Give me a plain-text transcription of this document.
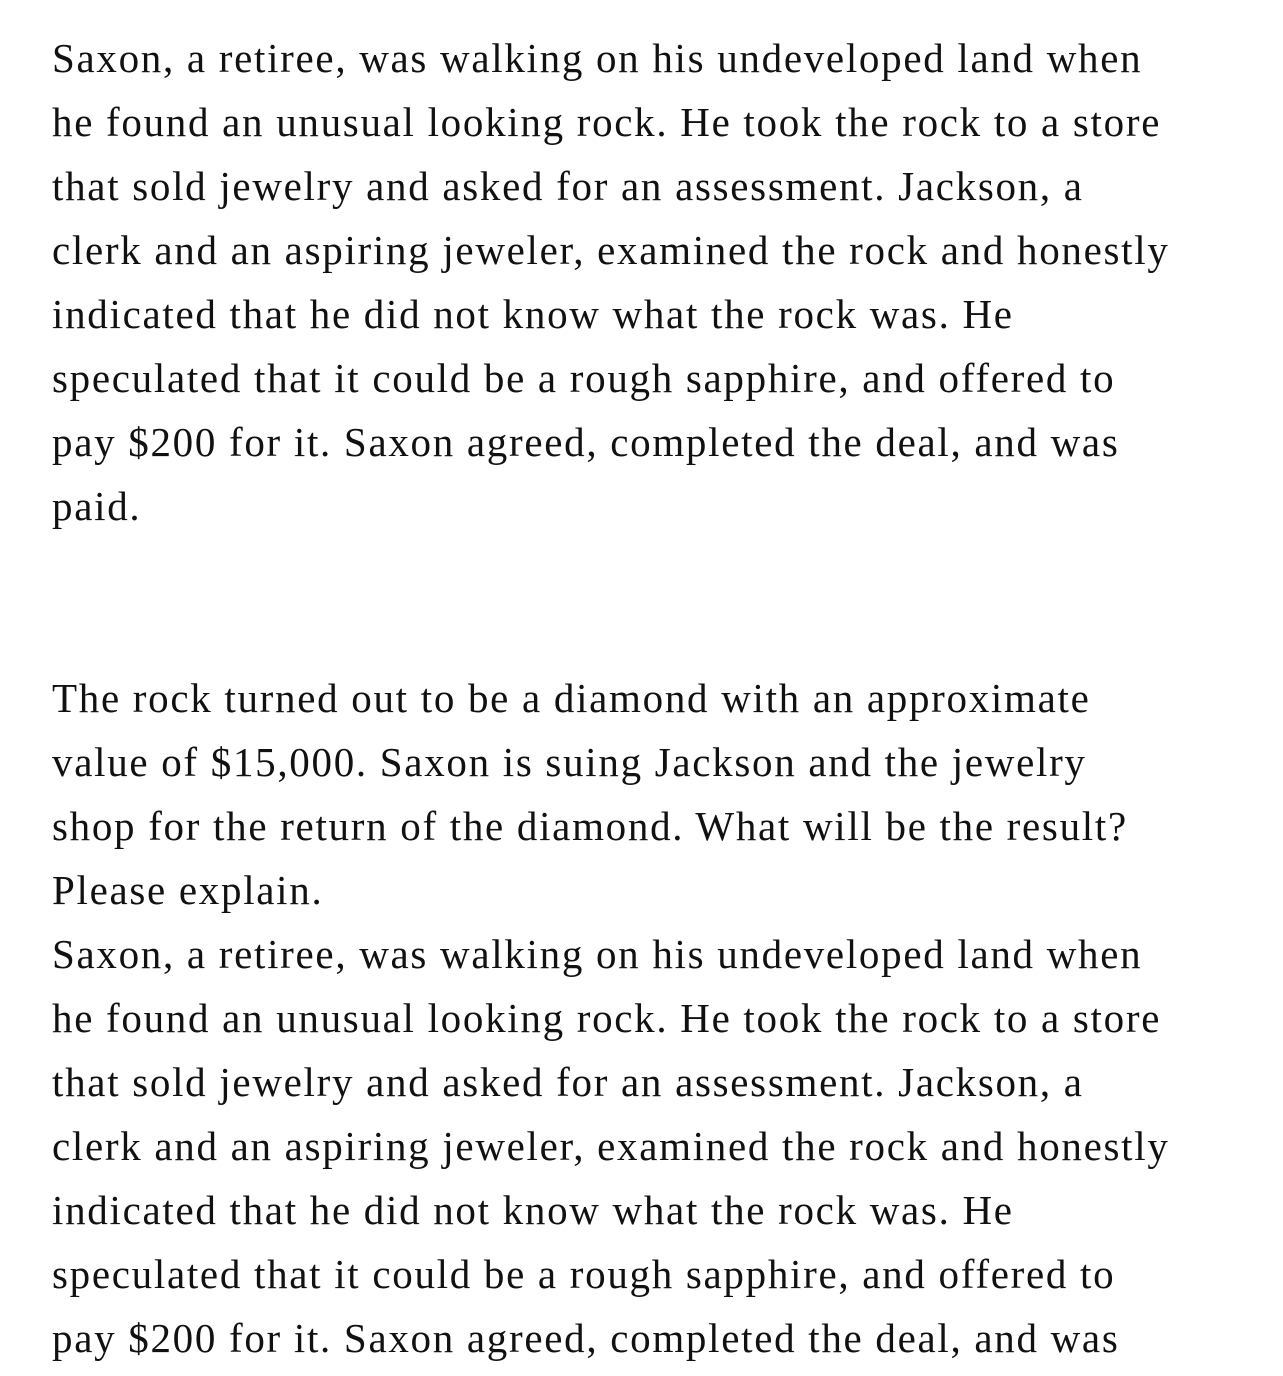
Saxon, a retiree, was walking on his undeveloped land when
he found an unusual looking rock. He took the rock to a store
that sold jewelry and asked for an assessment. Jackson, a
clerk and an aspiring jeweler, examined the rock and honestly
indicated that he did not know what the rock was. He
speculated that it could be a rough sapphire, and offered to
pay $200 for it. Saxon agreed, completed the deal, and was
paid.
The rock turned out to be a diamond with an approximate
value of $15,000. Saxon is suing Jackson and the jewelry
shop for the return of the diamond. What will be the result?
Please explain.
Saxon, a retiree, was walking on his undeveloped land when
he found an unusual looking rock. He took the rock to a store
that sold jewelry and asked for an assessment. Jackson, a
clerk and an aspiring jeweler, examined the rock and honestly
indicated that he did not know what the rock was. He
speculated that it could be a rough sapphire, and offered to
pay $200 for it. Saxon agreed, completed the deal, and was
